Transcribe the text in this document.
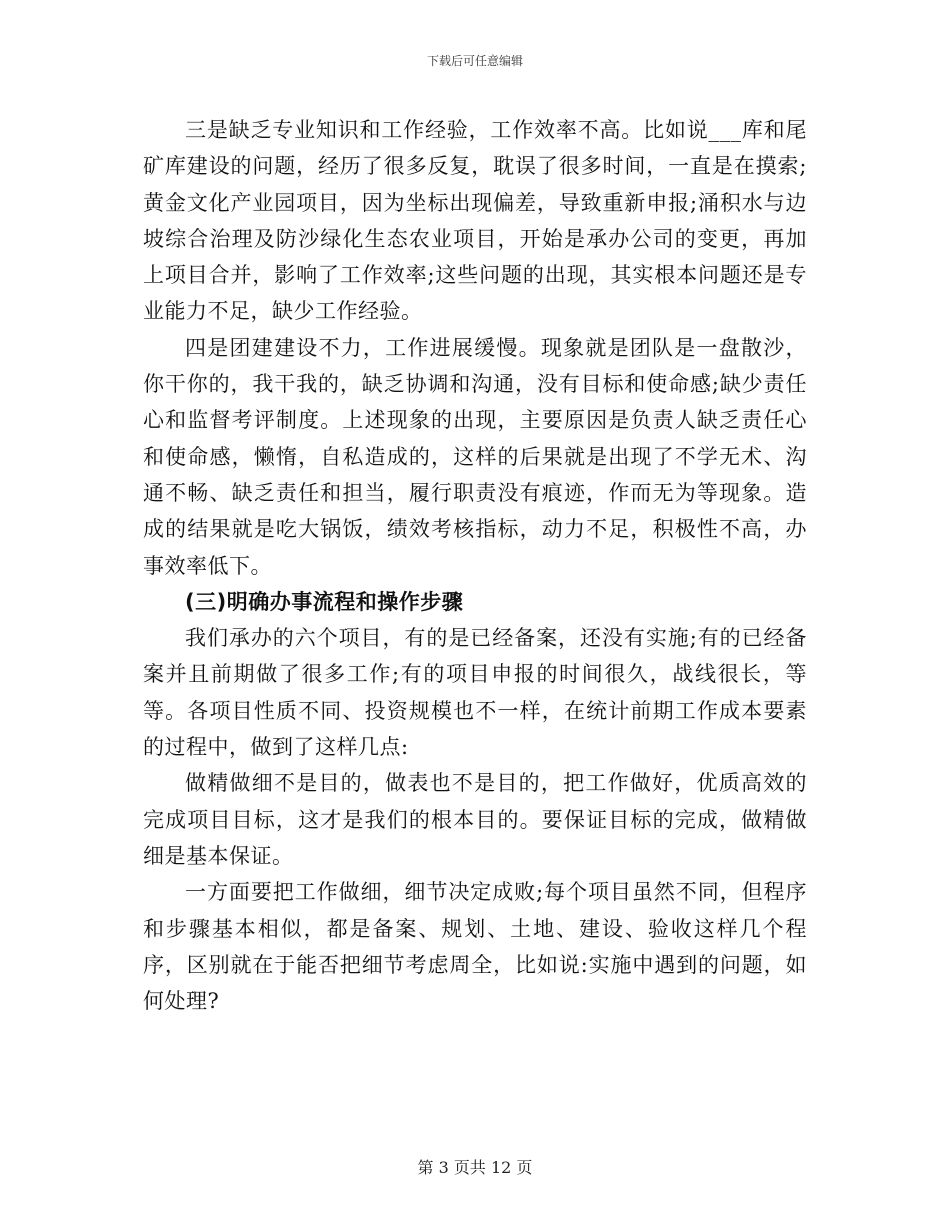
下载后可任意编辑

三是缺乏专业知识和工作经验，工作效率不高。比如说___库和尾矿库建设的问题，经历了很多反复，耽误了很多时间，一直是在摸索;黄金文化产业园项目，因为坐标出现偏差，导致重新申报;涌积水与边坡综合治理及防沙绿化生态农业项目，开始是承办公司的变更，再加上项目合并，影响了工作效率;这些问题的出现，其实根本问题还是专业能力不足，缺少工作经验。

四是团建建设不力，工作进展缓慢。现象就是团队是一盘散沙，你干你的，我干我的，缺乏协调和沟通，没有目标和使命感;缺少责任心和监督考评制度。上述现象的出现，主要原因是负责人缺乏责任心和使命感，懒惰，自私造成的，这样的后果就是出现了不学无术、沟通不畅、缺乏责任和担当，履行职责没有痕迹，作而无为等现象。造成的结果就是吃大锅饭，绩效考核指标，动力不足，积极性不高，办事效率低下。

(三)明确办事流程和操作步骤

我们承办的六个项目，有的是已经备案，还没有实施;有的已经备案并且前期做了很多工作;有的项目申报的时间很久，战线很长，等等。各项目性质不同、投资规模也不一样，在统计前期工作成本要素的过程中，做到了这样几点:

做精做细不是目的，做表也不是目的，把工作做好，优质高效的完成项目目标，这才是我们的根本目的。要保证目标的完成，做精做细是基本保证。

一方面要把工作做细，细节决定成败;每个项目虽然不同，但程序和步骤基本相似，都是备案、规划、土地、建设、验收这样几个程序，区别就在于能否把细节考虑周全，比如说:实施中遇到的问题，如何处理?

第 3 页共 12 页
